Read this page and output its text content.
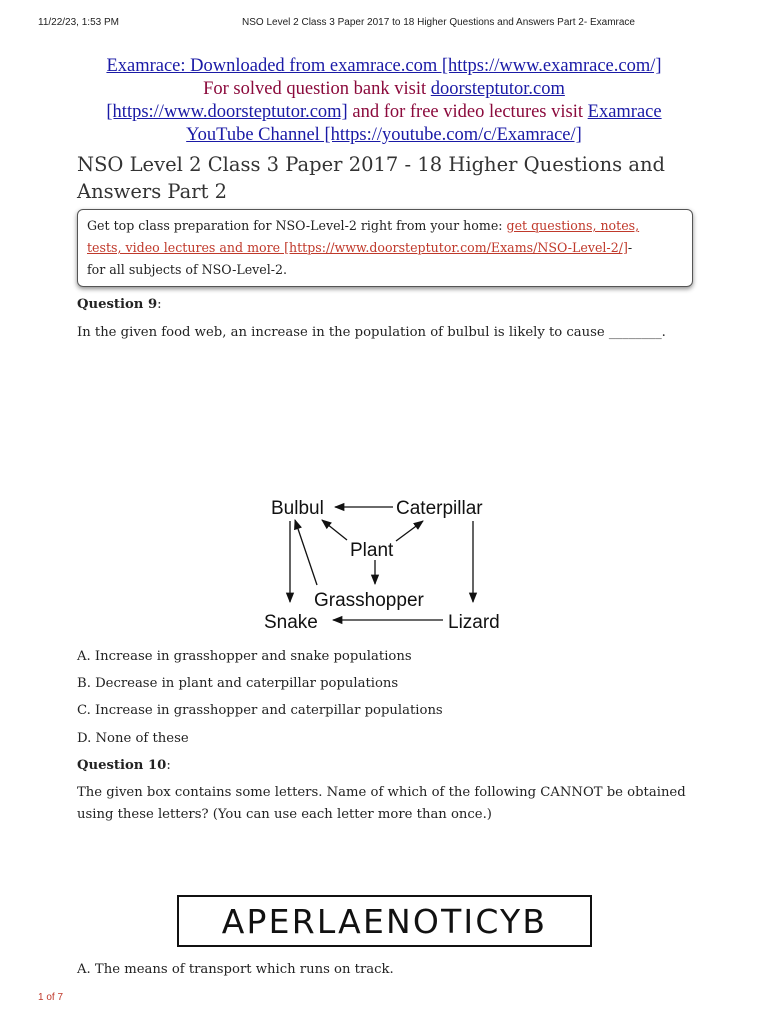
11/22/23, 1:53 PM	NSO Level 2 Class 3 Paper 2017 to 18 Higher Questions and Answers Part 2- Examrace
Examrace: Downloaded from examrace.com [https://www.examrace.com/]
For solved question bank visit doorsteptutor.com
[https://www.doorsteptutor.com] and for free video lectures visit Examrace
YouTube Channel [https://youtube.com/c/Examrace/]
NSO Level 2 Class 3 Paper 2017 - 18 Higher Questions and
Answers Part 2
Get top class preparation for NSO-Level-2 right from your home: get questions, notes,
tests, video lectures and more [https://www.doorsteptutor.com/Exams/NSO-Level-2/]-
for all subjects of NSO-Level-2.
Question 9:
In the given food web, an increase in the population of bulbul is likely to cause ________.
Bulbul	Caterpillar
Plant
Grasshopper
Snake	Lizard
A. Increase in grasshopper and snake populations
B. Decrease in plant and caterpillar populations
C. Increase in grasshopper and caterpillar populations
D. None of these
Question 10:
The given box contains some letters. Name of which of the following CANNOT be obtained
using these letters? (You can use each letter more than once.)
APERLAENOTICYB
A. The means of transport which runs on track.
1 of 7
